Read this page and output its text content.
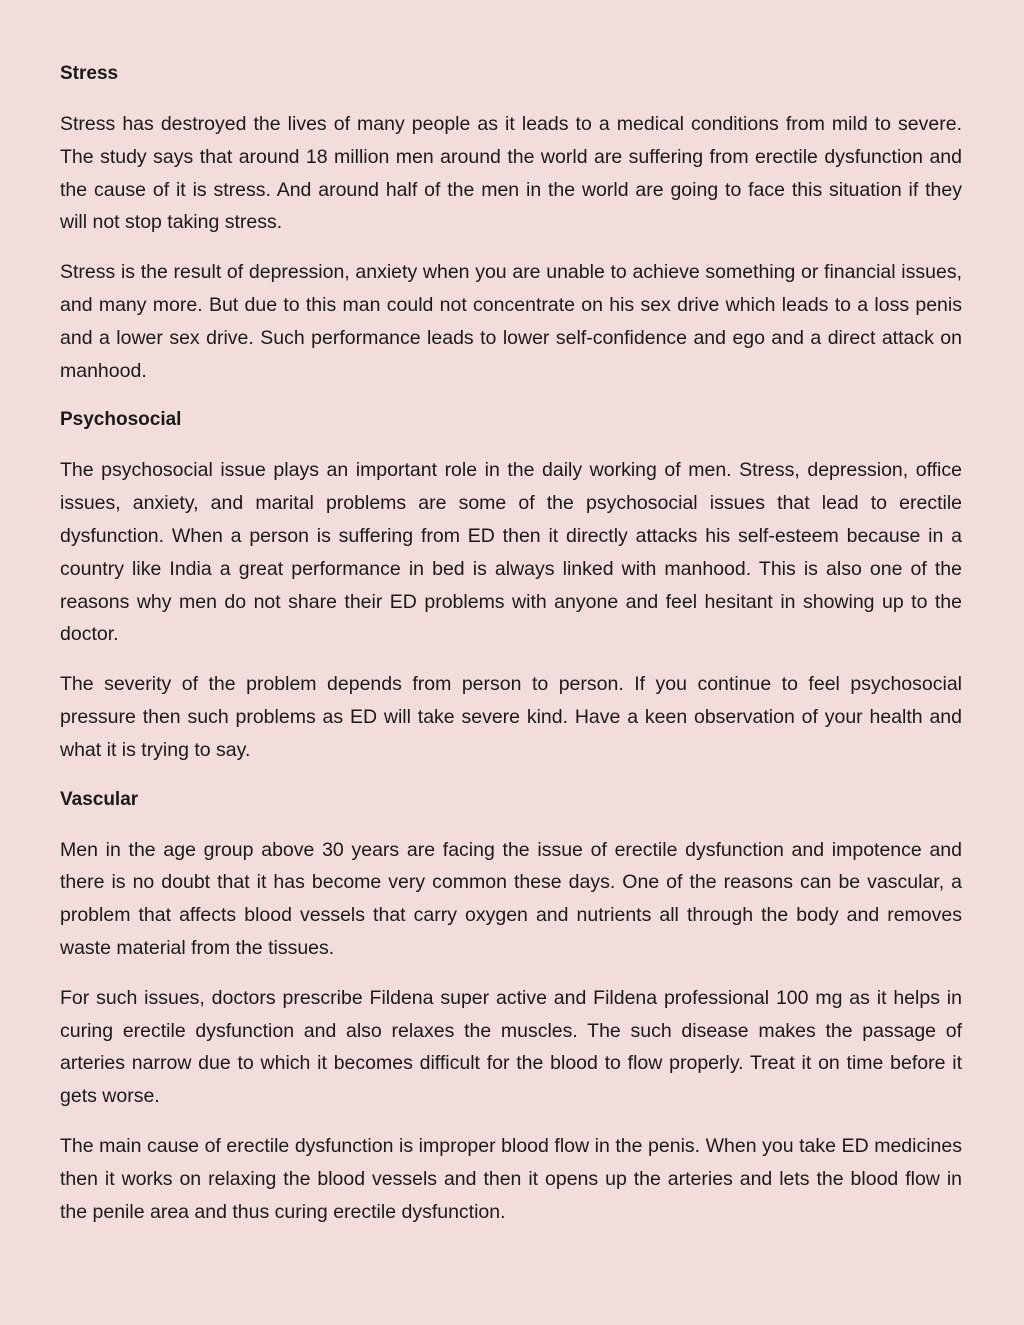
Stress

Stress has destroyed the lives of many people as it leads to a medical conditions from mild to severe. The study says that around 18 million men around the world are suffering from erectile dysfunction and the cause of it is stress. And around half of the men in the world are going to face this situation if they will not stop taking stress.

Stress is the result of depression, anxiety when you are unable to achieve something or financial issues, and many more. But due to this man could not concentrate on his sex drive which leads to a loss penis and a lower sex drive. Such performance leads to lower self-confidence and ego and a direct attack on manhood.

Psychosocial

The psychosocial issue plays an important role in the daily working of men. Stress, depression, office issues, anxiety, and marital problems are some of the psychosocial issues that lead to erectile dysfunction. When a person is suffering from ED then it directly attacks his self-esteem because in a country like India a great performance in bed is always linked with manhood. This is also one of the reasons why men do not share their ED problems with anyone and feel hesitant in showing up to the doctor.

The severity of the problem depends from person to person. If you continue to feel psychosocial pressure then such problems as ED will take severe kind. Have a keen observation of your health and what it is trying to say.

Vascular

Men in the age group above 30 years are facing the issue of erectile dysfunction and impotence and there is no doubt that it has become very common these days. One of the reasons can be vascular, a problem that affects blood vessels that carry oxygen and nutrients all through the body and removes waste material from the tissues.

For such issues, doctors prescribe Fildena super active and Fildena professional 100 mg as it helps in curing erectile dysfunction and also relaxes the muscles. The such disease makes the passage of arteries narrow due to which it becomes difficult for the blood to flow properly. Treat it on time before it gets worse.

The main cause of erectile dysfunction is improper blood flow in the penis. When you take ED medicines then it works on relaxing the blood vessels and then it opens up the arteries and lets the blood flow in the penile area and thus curing erectile dysfunction.
